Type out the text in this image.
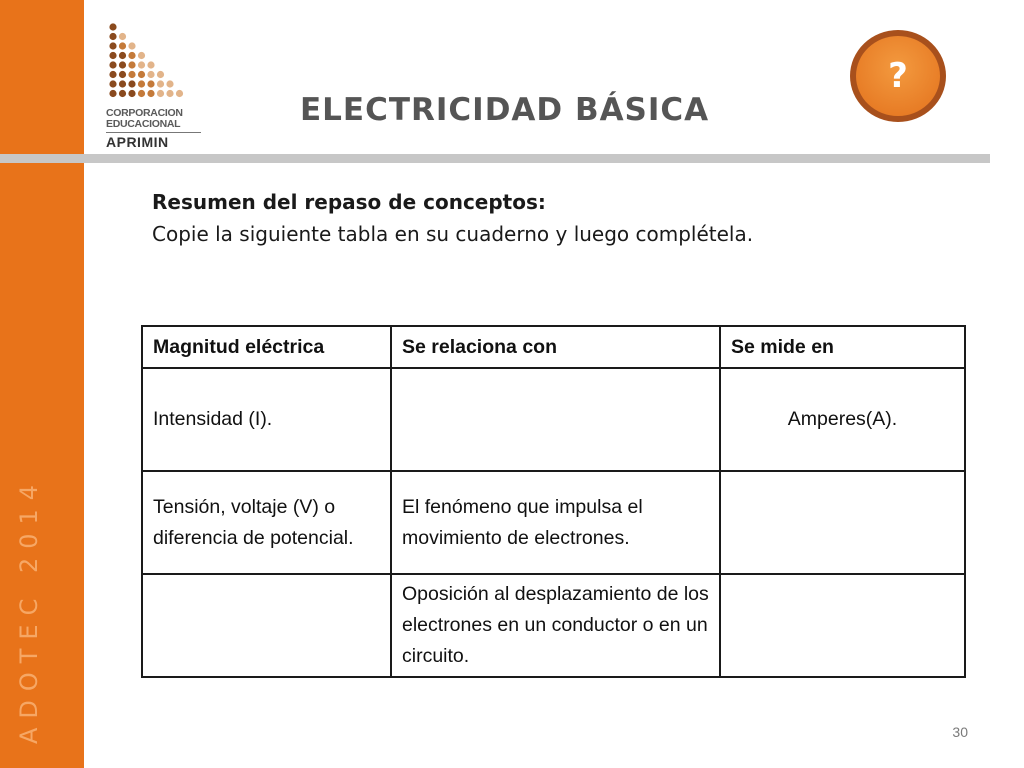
ADOTEC 2014
CORPORACION
EDUCACIONAL
APRIMIN
ELECTRICIDAD BÁSICA
?
Resumen del repaso de conceptos:
Copie la siguiente tabla en su cuaderno y luego complétela.
Magnitud eléctrica	Se relaciona con	Se mide en
Intensidad (I).		Amperes(A).
Tensión, voltaje (V) o diferencia de potencial.	El fenómeno que impulsa el movimiento de electrones.	
	Oposición al desplazamiento de los electrones en un conductor o en un circuito.	
30
